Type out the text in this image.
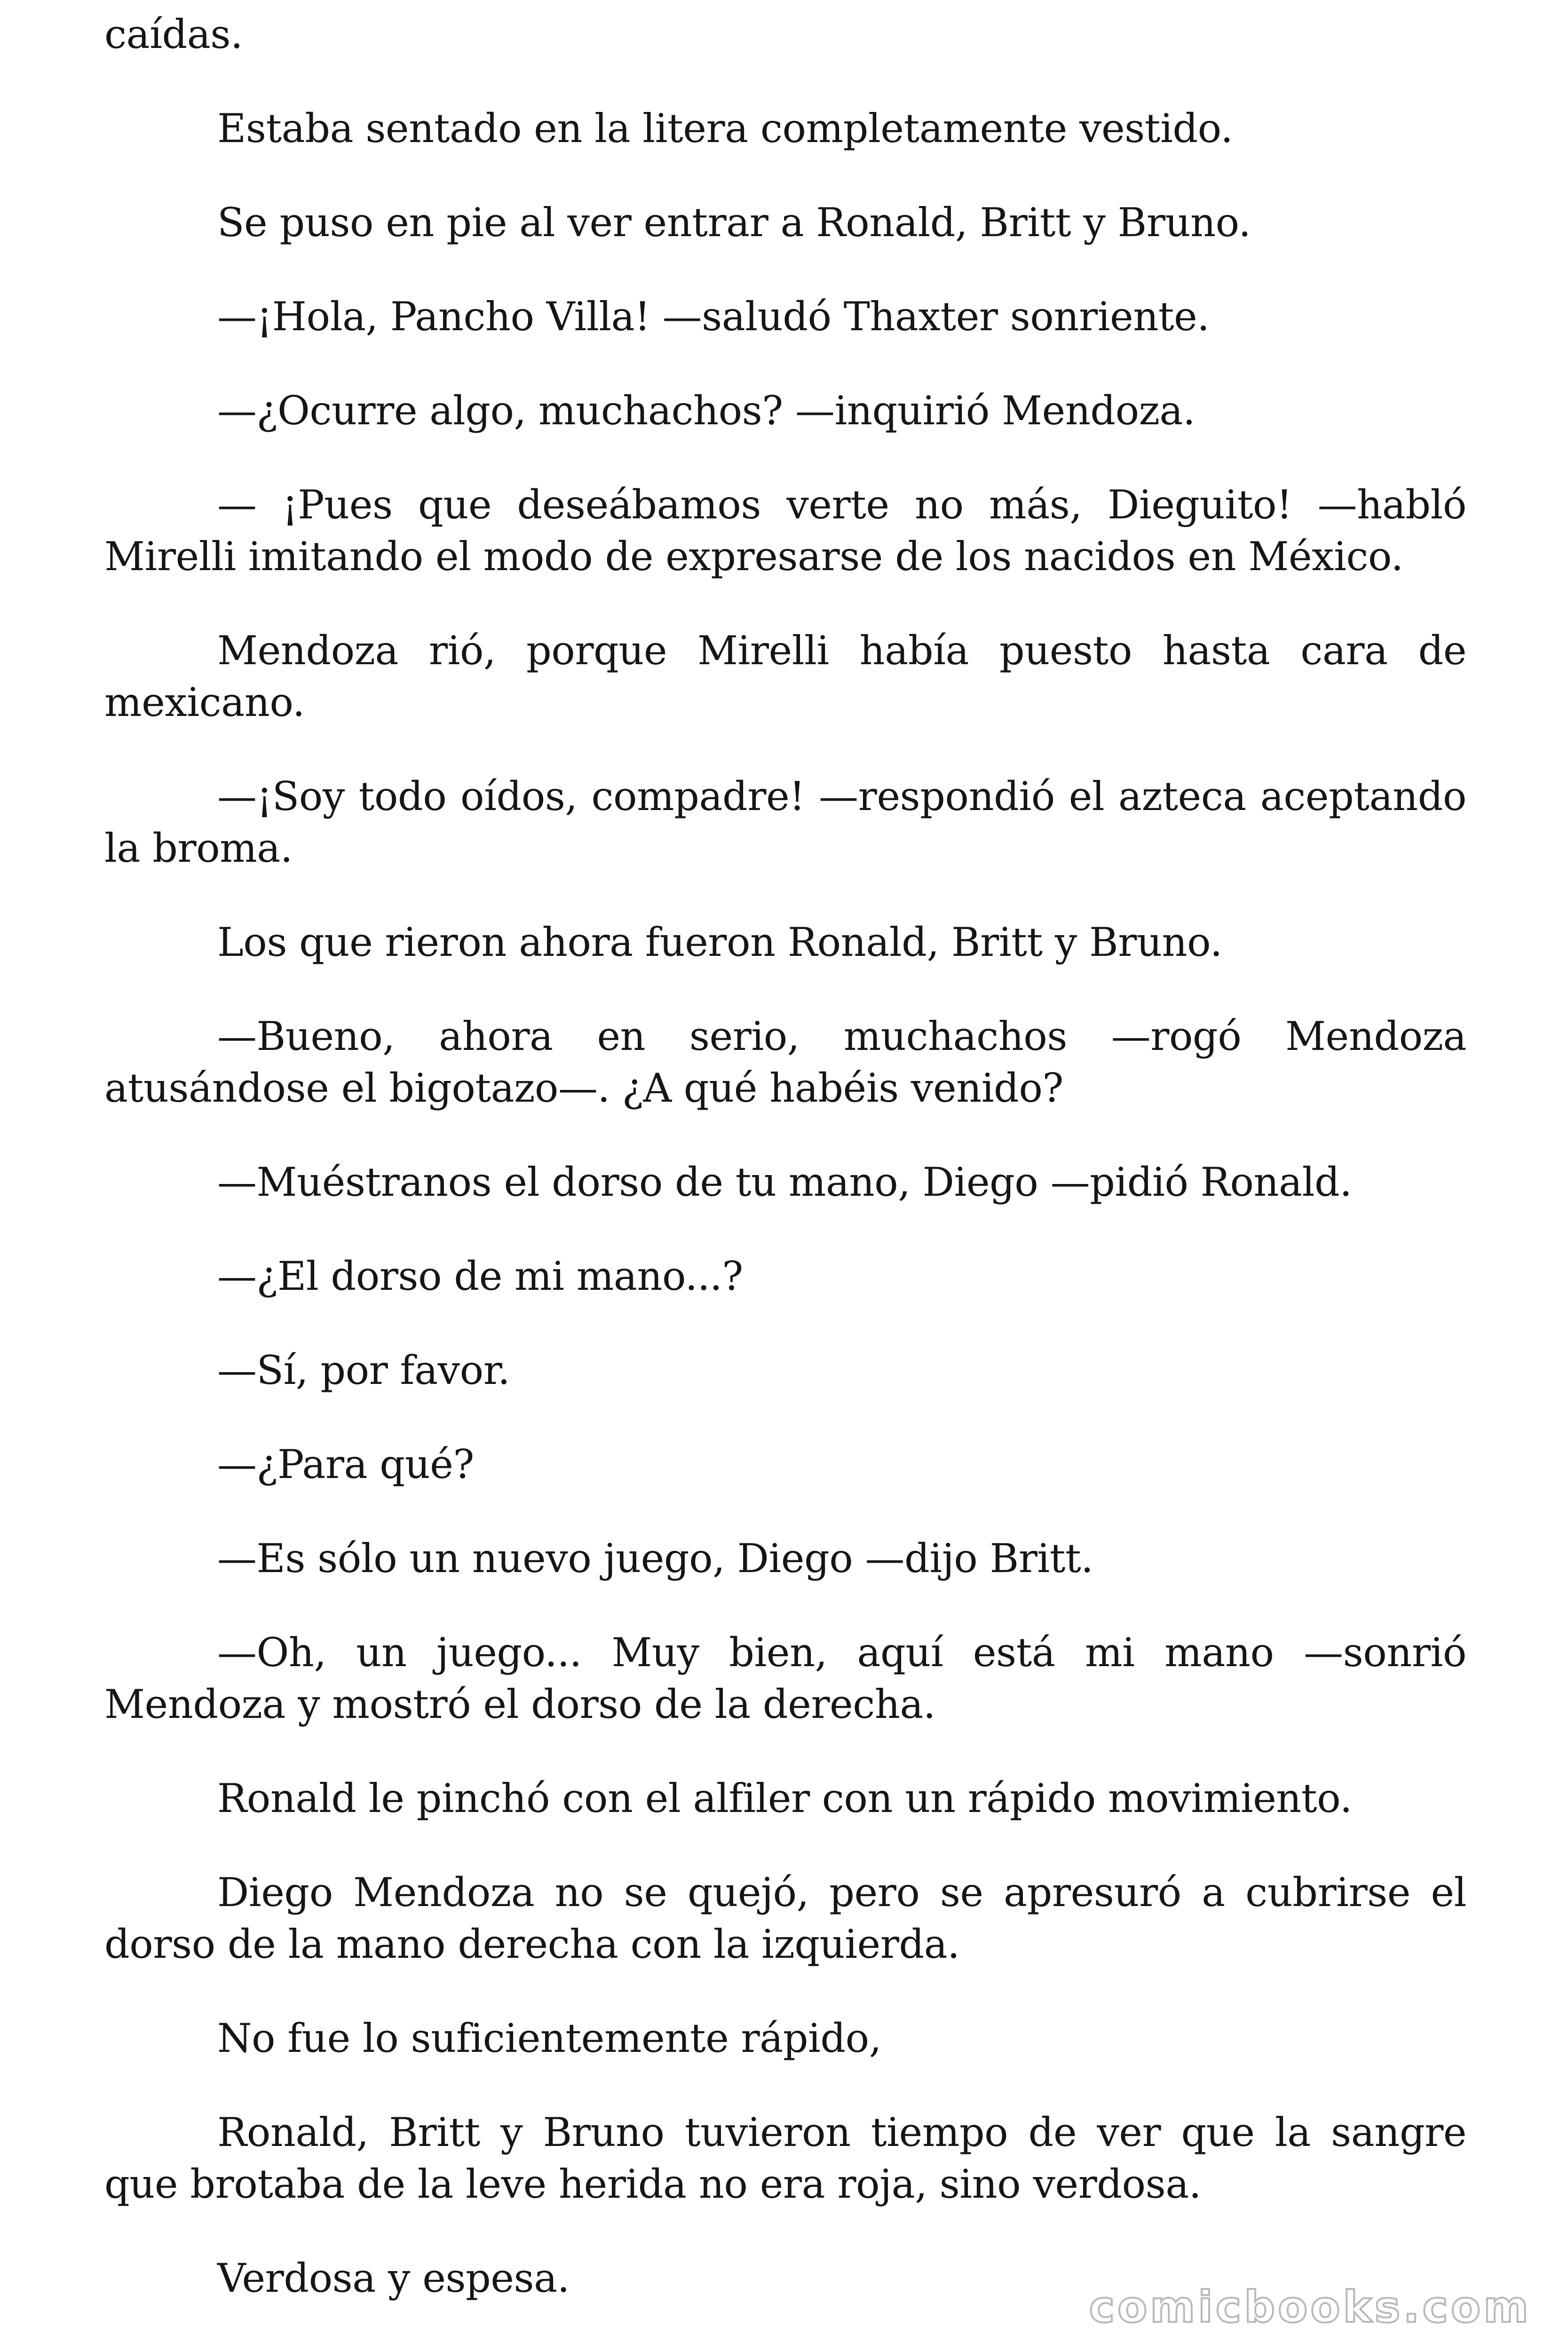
caídas.

Estaba sentado en la litera completamente vestido.

Se puso en pie al ver entrar a Ronald, Britt y Bruno.

—¡Hola, Pancho Villa! —saludó Thaxter sonriente.

—¿Ocurre algo, muchachos? —inquirió Mendoza.

— ¡Pues que deseábamos verte no más, Dieguito! —habló Mirelli imitando el modo de expresarse de los nacidos en México.

Mendoza rió, porque Mirelli había puesto hasta cara de mexicano.

—¡Soy todo oídos, compadre! —respondió el azteca aceptando la broma.

Los que rieron ahora fueron Ronald, Britt y Bruno.

—Bueno, ahora en serio, muchachos —rogó Mendoza atusándose el bigotazo—. ¿A qué habéis venido?

—Muéstranos el dorso de tu mano, Diego —pidió Ronald.

—¿El dorso de mi mano...?

—Sí, por favor.

—¿Para qué?

—Es sólo un nuevo juego, Diego —dijo Britt.

—Oh, un juego... Muy bien, aquí está mi mano —sonrió Mendoza y mostró el dorso de la derecha.

Ronald le pinchó con el alfiler con un rápido movimiento.

Diego Mendoza no se quejó, pero se apresuró a cubrirse el dorso de la mano derecha con la izquierda.

No fue lo suficientemente rápido,

Ronald, Britt y Bruno tuvieron tiempo de ver que la sangre que brotaba de la leve herida no era roja, sino verdosa.

Verdosa y espesa.

comicbooks.com
